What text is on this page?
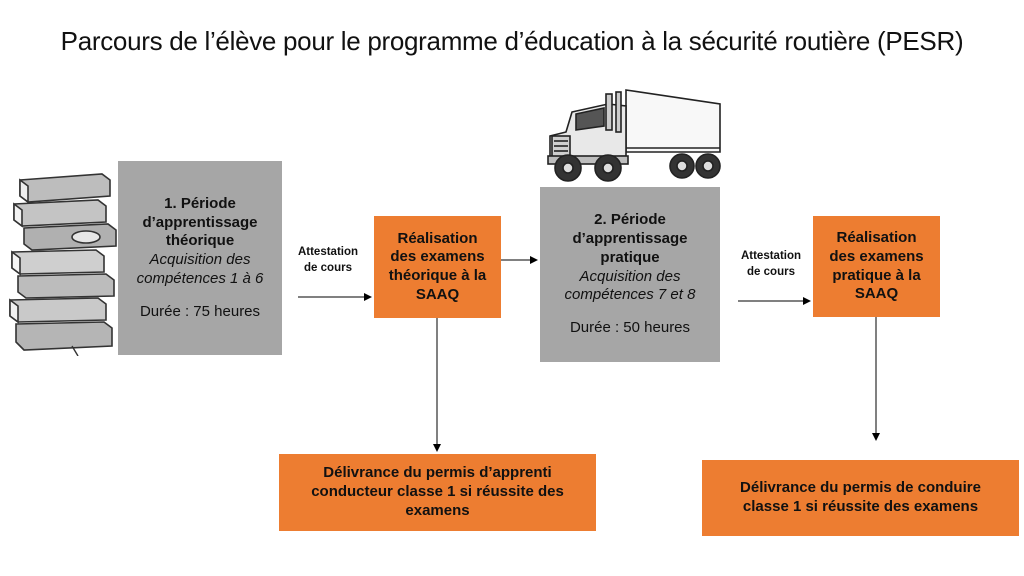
Parcours de l’élève pour le programme d’éducation à la sécurité routière (PESR)
1. Période
d’apprentissage
théorique
Acquisition des
compétences 1 à 6
Durée : 75 heures
Réalisation
des examens
théorique à la
SAAQ
2. Période
d’apprentissage
pratique
Acquisition des
compétences 7 et 8
Durée : 50 heures
Réalisation
des examens
pratique à la
SAAQ
Attestation
de cours
Attestation
de cours
Délivrance du permis d’apprenti
conducteur classe 1 si réussite des
examens
Délivrance du permis de conduire
classe 1 si réussite des examens
